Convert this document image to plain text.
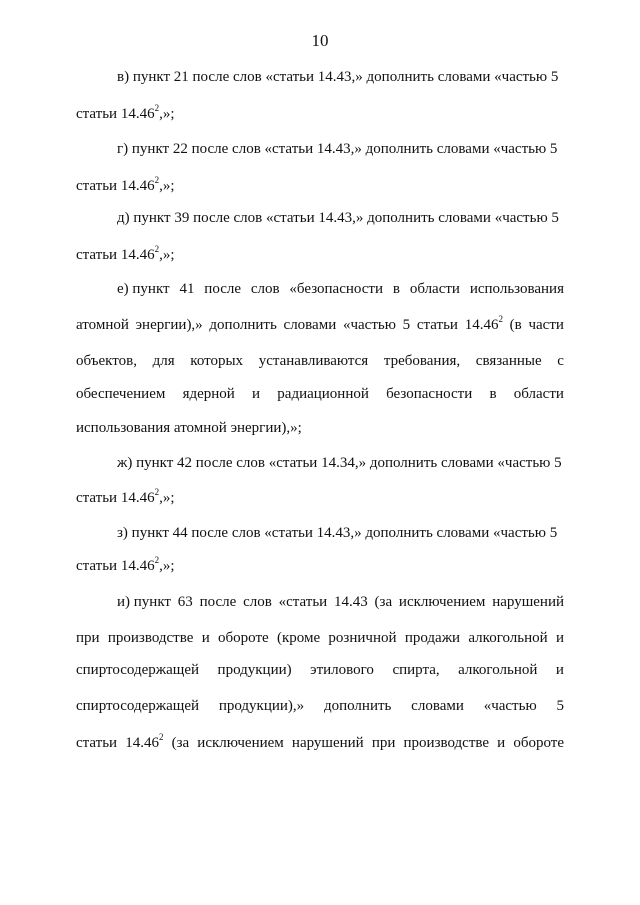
10
в) пункт 21 после слов «статьи 14.43,» дополнить словами «частью 5
статьи 14.46$^2$,»;
г) пункт 22 после слов «статьи 14.43,» дополнить словами «частью 5
статьи 14.46$^2$,»;
д) пункт 39 после слов «статьи 14.43,» дополнить словами «частью 5
статьи 14.46$^2$,»;
е) пункт 41 после слов «безопасности в области использования
атомной энергии),» дополнить словами «частью 5 статьи 14.46$^2$ (в части
объектов, для которых устанавливаются требования, связанные с
обеспечением ядерной и радиационной безопасности в области
использования атомной энергии),»;
ж) пункт 42 после слов «статьи 14.34,» дополнить словами «частью 5
статьи 14.46$^2$,»;
з) пункт 44 после слов «статьи 14.43,» дополнить словами «частью 5
статьи 14.46$^2$,»;
и) пункт 63 после слов «статьи 14.43 (за исключением нарушений
при производстве и обороте (кроме розничной продажи алкогольной и
спиртосодержащей продукции) этилового спирта, алкогольной и
спиртосодержащей продукции),» дополнить словами «частью 5
статьи 14.46$^2$ (за исключением нарушений при производстве и обороте
